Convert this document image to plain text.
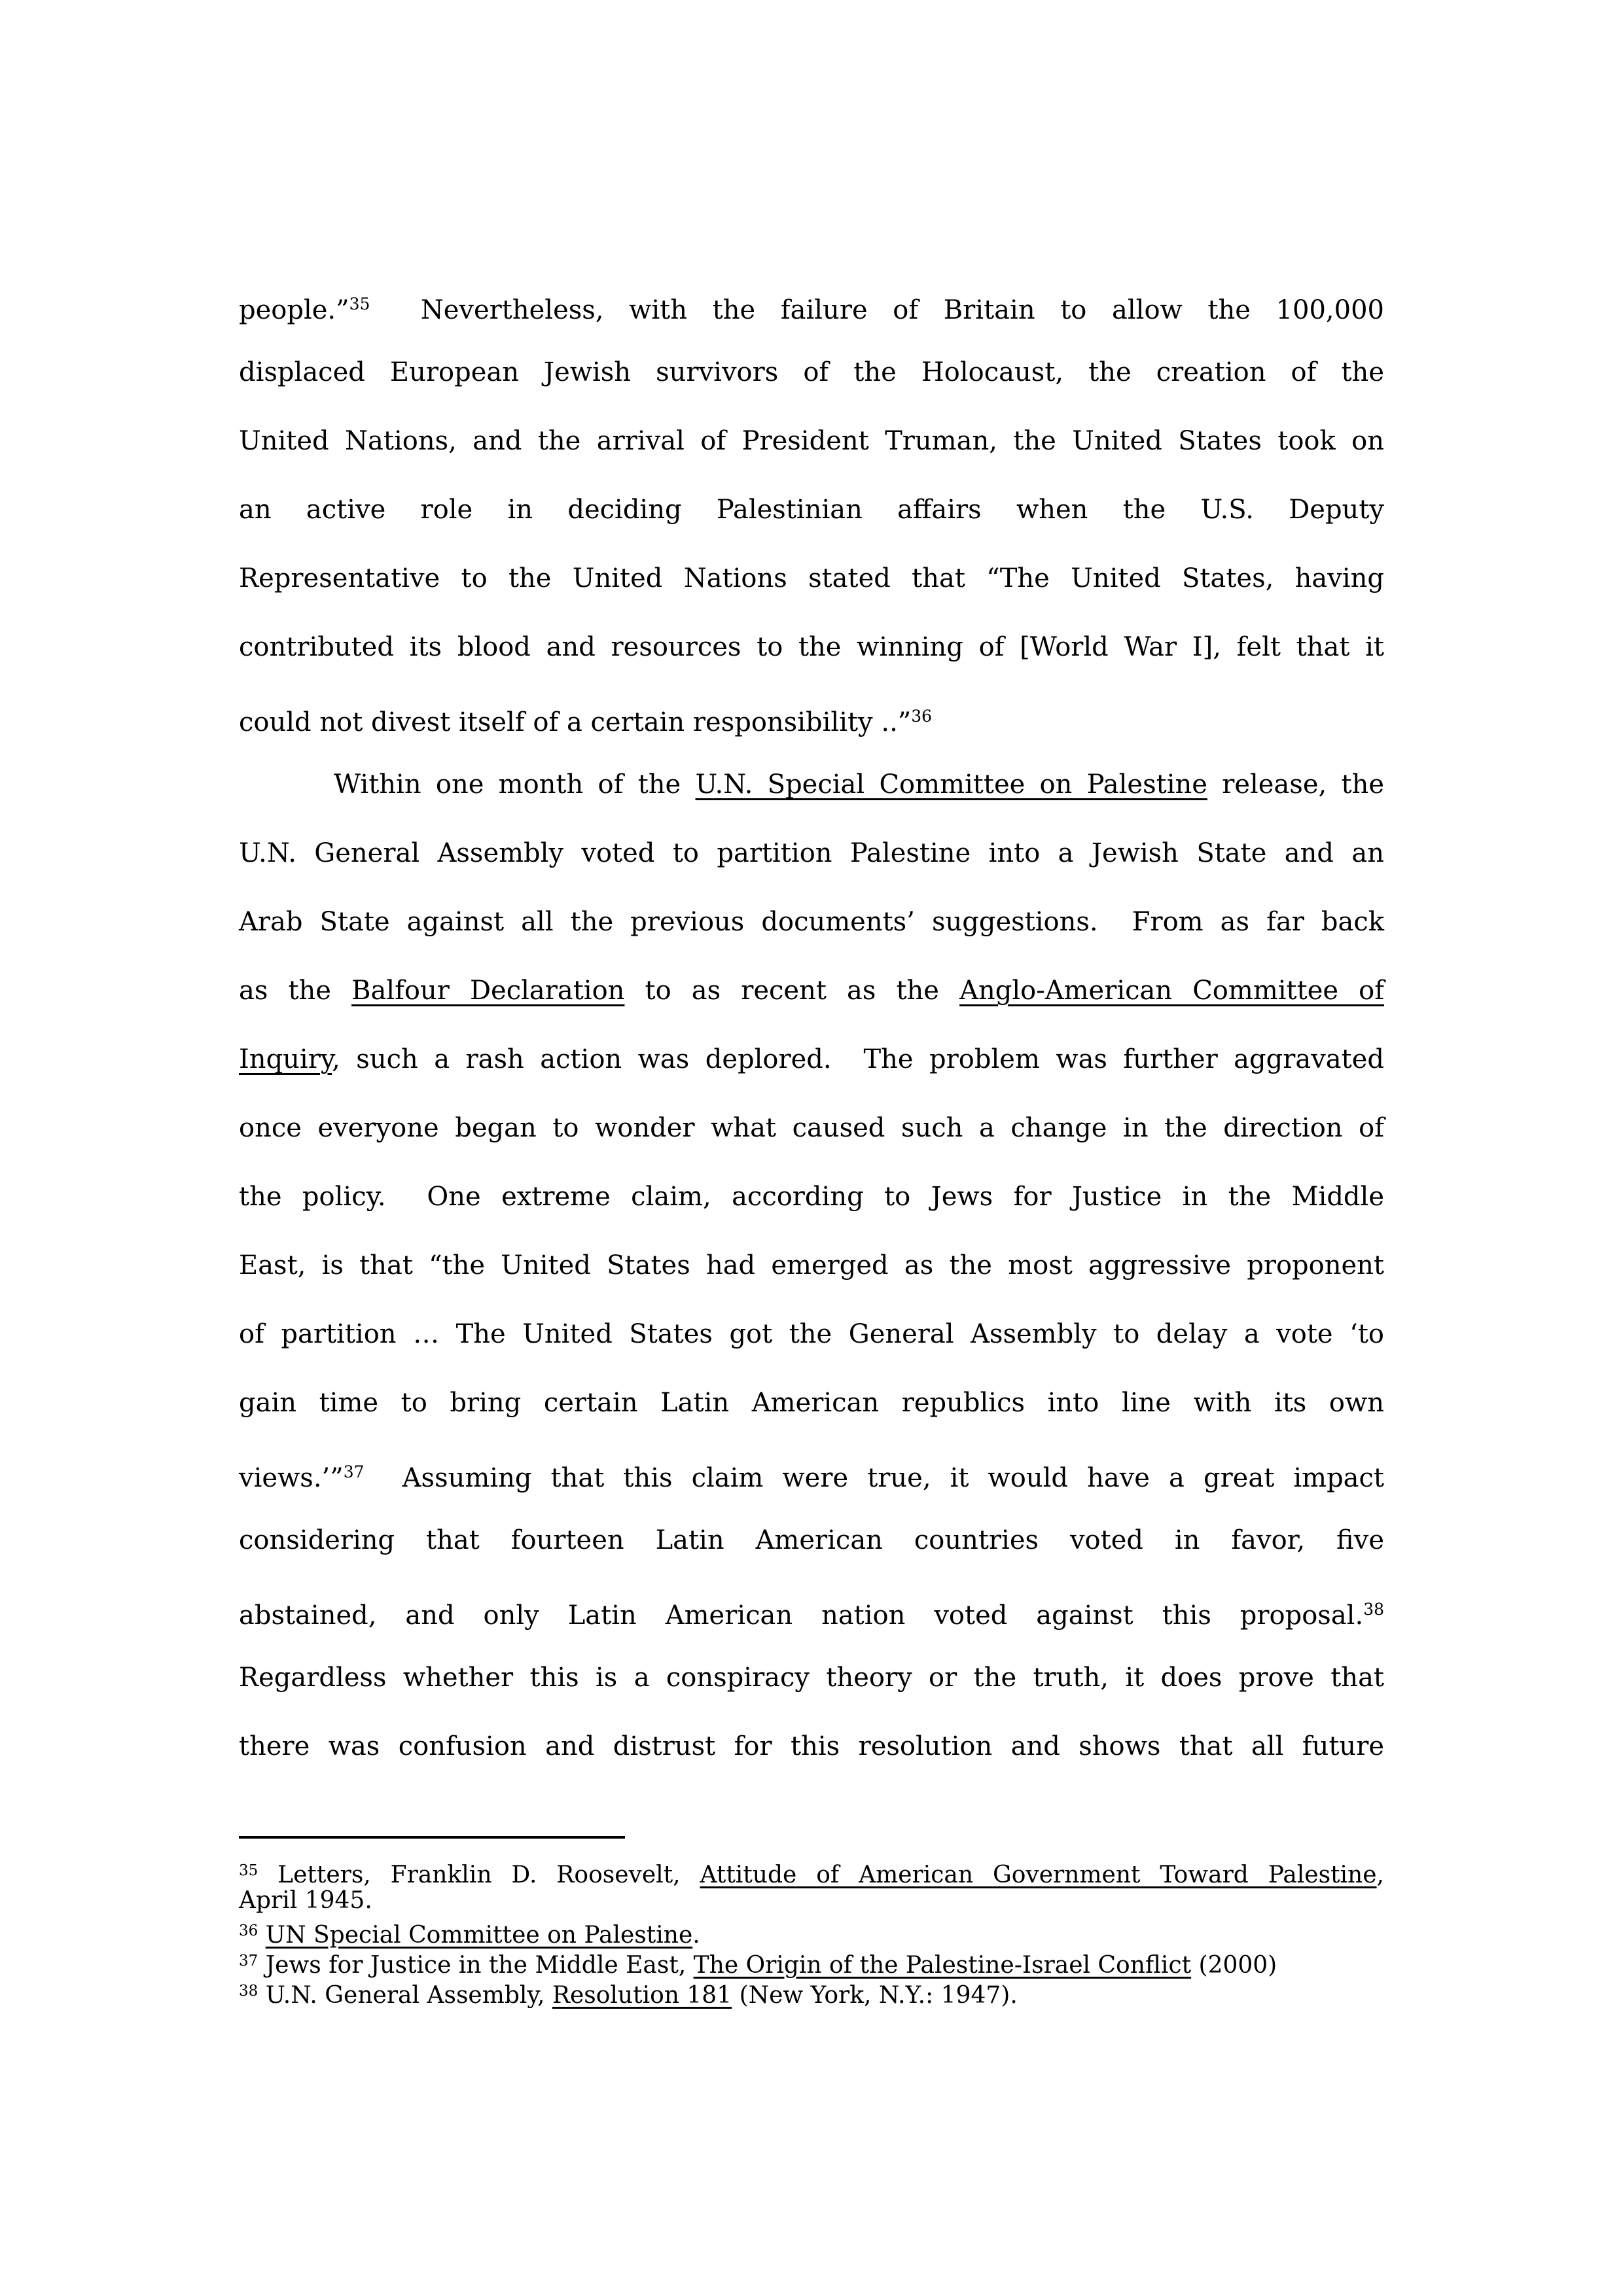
people.”$^{35}$  Nevertheless, with the failure of Britain to allow the 100,000
displaced European Jewish survivors of the Holocaust, the creation of the
United Nations, and the arrival of President Truman, the United States took on
an active role in deciding Palestinian affairs when the U.S. Deputy
Representative to the United Nations stated that “The United States, having
contributed its blood and resources to the winning of [World War I], felt that it
could not divest itself of a certain responsibility ..”$^{36}$
Within one month of the U.N. Special Committee on Palestine release, the
U.N. General Assembly voted to partition Palestine into a Jewish State and an
Arab State against all the previous documents’ suggestions.  From as far back
as the Balfour Declaration to as recent as the Anglo-American Committee of
Inquiry, such a rash action was deplored.  The problem was further aggravated
once everyone began to wonder what caused such a change in the direction of
the policy.  One extreme claim, according to Jews for Justice in the Middle
East, is that “the United States had emerged as the most aggressive proponent
of partition … The United States got the General Assembly to delay a vote ‘to
gain time to bring certain Latin American republics into line with its own
views.’”$^{37}$  Assuming that this claim were true, it would have a great impact
considering that fourteen Latin American countries voted in favor, five
abstained, and only Latin American nation voted against this proposal.$^{38}$
Regardless whether this is a conspiracy theory or the truth, it does prove that
there was confusion and distrust for this resolution and shows that all future
$^{35}$ Letters, Franklin D. Roosevelt, Attitude of American Government Toward Palestine,
April 1945.
$^{36}$ UN Special Committee on Palestine.
$^{37}$ Jews for Justice in the Middle East, The Origin of the Palestine-Israel Conflict (2000)
$^{38}$ U.N. General Assembly, Resolution 181 (New York, N.Y.: 1947).
